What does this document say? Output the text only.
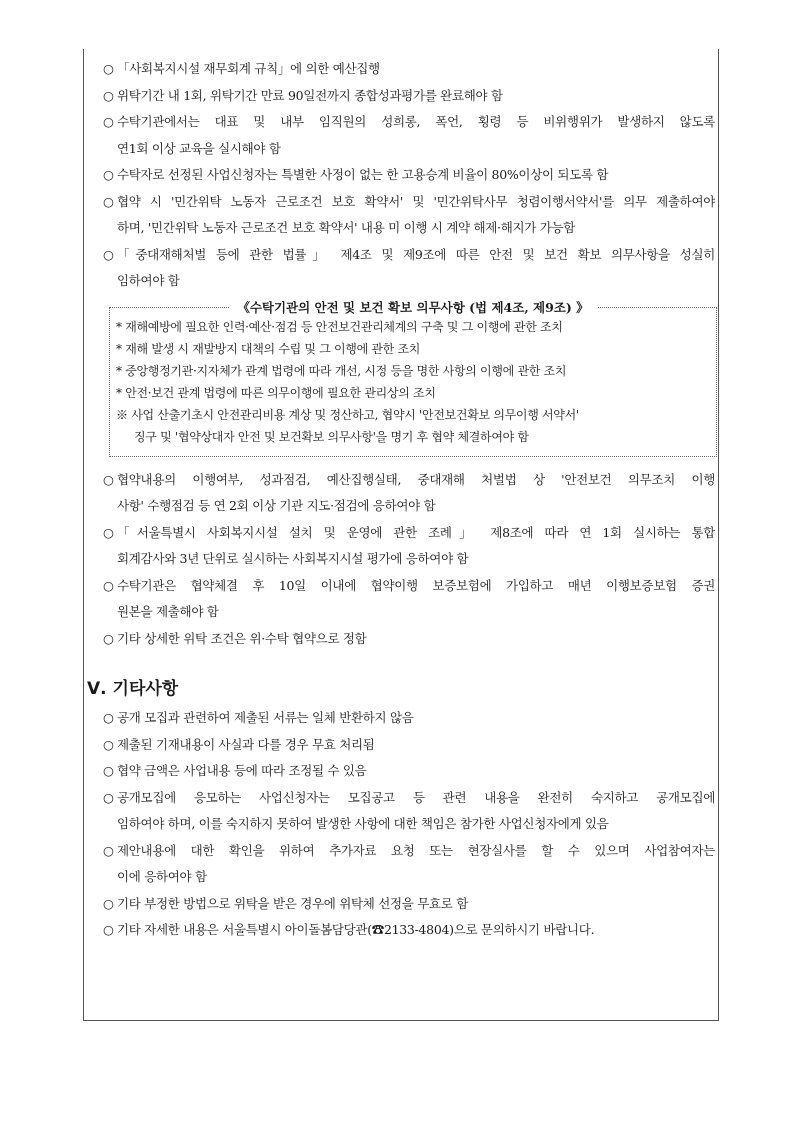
○ 「사회복지시설 재무회계 규칙」에 의한 예산집행
○ 위탁기간 내 1회, 위탁기간 만료 90일전까지 종합성과평가를 완료해야 함
○ 수탁기관에서는 대표 및 내부 임직원의 성희롱, 폭언, 횡령 등 비위행위가 발생하지 않도록
연1회 이상 교육을 실시해야 함
○ 수탁자로 선정된 사업신청자는 특별한 사정이 없는 한 고용승계 비율이 80%이상이 되도록 함
○ 협약 시 '민간위탁 노동자 근로조건 보호 확약서' 및 '민간위탁사무 청렴이행서약서'를 의무 제출하여야
하며, '민간위탁 노동자 근로조건 보호 확약서' 내용 미 이행 시 계약 해제·해지가 가능함
○ 「중대재해처벌 등에 관한 법률」 제4조 및 제9조에 따른 안전 및 보건 확보 의무사항을 성실히
임하여야 함
《수탁기관의 안전 및 보건 확보 의무사항 (법 제4조, 제9조) 》
* 재해예방에 필요한 인력·예산·점검 등 안전보건관리체계의 구축 및 그 이행에 관한 조치
* 재해 발생 시 재발방지 대책의 수립 및 그 이행에 관한 조치
* 중앙행정기관·지자체가 관계 법령에 따라 개선, 시정 등을 명한 사항의 이행에 관한 조치
* 안전·보건 관계 법령에 따른 의무이행에 필요한 관리상의 조치
※ 사업 산출기초시 안전관리비용 계상 및 정산하고, 협약시 '안전보건확보 의무이행 서약서'
징구 및 '협약상대자 안전 및 보건확보 의무사항'을 명기 후 협약 체결하여야 함
○ 협약내용의 이행여부, 성과점검, 예산집행실태, 중대재해 처벌법 상 '안전보건 의무조치 이행
사항' 수행점검 등 연 2회 이상 기관 지도·점검에 응하여야 함
○ 「서울특별시 사회복지시설 설치 및 운영에 관한 조례」 제8조에 따라 연 1회 실시하는 통합
회계감사와 3년 단위로 실시하는 사회복지시설 평가에 응하여야 함
○ 수탁기관은 협약체결 후 10일 이내에 협약이행 보증보험에 가입하고 매년 이행보증보험 증권
원본을 제출해야 함
○ 기타 상세한 위탁 조건은 위·수탁 협약으로 정함
Ⅴ. 기타사항
○ 공개 모집과 관련하여 제출된 서류는 일체 반환하지 않음
○ 제출된 기재내용이 사실과 다를 경우 무효 처리됨
○ 협약 금액은 사업내용 등에 따라 조정될 수 있음
○ 공개모집에 응모하는 사업신청자는 모집공고 등 관련 내용을 완전히 숙지하고 공개모집에
임하여야 하며, 이를 숙지하지 못하여 발생한 사항에 대한 책임은 참가한 사업신청자에게 있음
○ 제안내용에 대한 확인을 위하여 추가자료 요청 또는 현장실사를 할 수 있으며 사업참여자는
이에 응하여야 함
○ 기타 부정한 방법으로 위탁을 받은 경우에 위탁체 선정을 무효로 함
○ 기타 자세한 내용은 서울특별시 아이돌봄담당관(☎2133-4804)으로 문의하시기 바랍니다.
